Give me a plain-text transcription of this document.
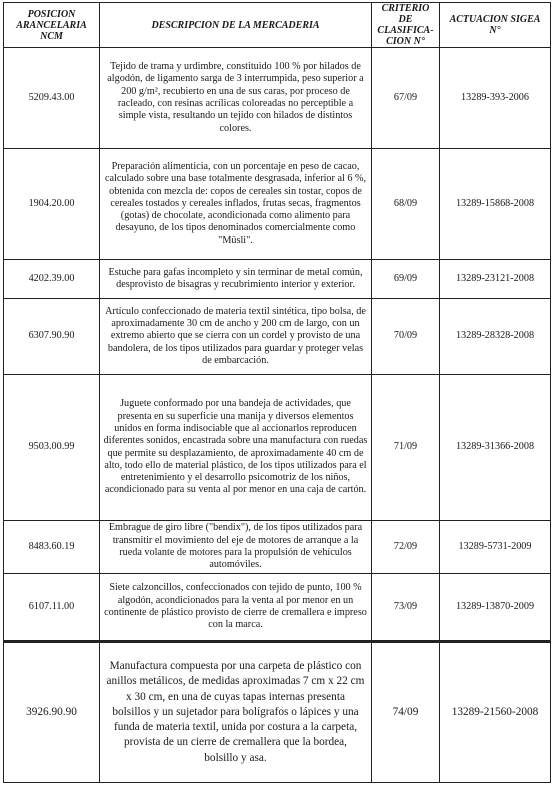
POSICION ARANCELARIA NCM	DESCRIPCION DE LA MERCADERIA	CRITERIO DE CLASIFICA-CION N°	ACTUACION SIGEA N°
5209.43.00	Tejido de trama y urdimbre, constituido 100 % por hilados de algodón, de ligamento sarga de 3 interrumpida, peso superior a 200 g/m², recubierto en una de sus caras, por proceso de racleado, con resinas acrílicas coloreadas no perceptible a simple vista, resultando un tejido con hilados de distintos colores.	67/09	13289-393-2006
1904.20.00	Preparación alimenticia, con un porcentaje en peso de cacao, calculado sobre una base totalmente desgrasada, inferior al 6 %, obtenida con mezcla de: copos de cereales sin tostar, copos de cereales tostados y cereales inflados, frutas secas, fragmentos (gotas) de chocolate, acondicionada como alimento para desayuno, de los tipos denominados comercialmente como "Müsli".	68/09	13289-15868-2008
4202.39.00	Estuche para gafas incompleto y sin terminar de metal común, desprovisto de bisagras y recubrimiento interior y exterior.	69/09	13289-23121-2008
6307.90.90	Artículo confeccionado de materia textil sintética, tipo bolsa, de aproximadamente 30 cm de ancho y 200 cm de largo, con un extremo abierto que se cierra con un cordel y provisto de una bandolera, de los tipos utilizados para guardar y proteger velas de embarcación.	70/09	13289-28328-2008
9503.00.99	Juguete conformado por una bandeja de actividades, que presenta en su superficie una manija y diversos elementos unidos en forma indisociable que al accionarlos reproducen diferentes sonidos, encastrada sobre una manufactura con ruedas que permite su desplazamiento, de aproximadamente 40 cm de alto, todo ello de material plástico, de los tipos utilizados para el entretenimiento y el desarrollo psicomotriz de los niños, acondicionado para su venta al por menor en una caja de cartón.	71/09	13289-31366-2008
8483.60.19	Embrague de giro libre ("bendix"), de los tipos utilizados para transmitir el movimiento del eje de motores de arranque a la rueda volante de motores para la propulsión de vehículos automóviles.	72/09	13289-5731-2009
6107.11.00	Siete calzoncillos, confeccionados con tejido de punto, 100 % algodón, acondicionados para la venta al por menor en un continente de plástico provisto de cierre de cremallera e impreso con la marca.	73/09	13289-13870-2009
3926.90.90	Manufactura compuesta por una carpeta de plástico con anillos metálicos, de medidas aproximadas 7 cm x 22 cm x 30 cm, en una de cuyas tapas internas presenta bolsillos y un sujetador para bolígrafos o lápices y una funda de materia textil, unida por costura a la carpeta, provista de un cierre de cremallera que la bordea, bolsillo y asa.	74/09	13289-21560-2008
